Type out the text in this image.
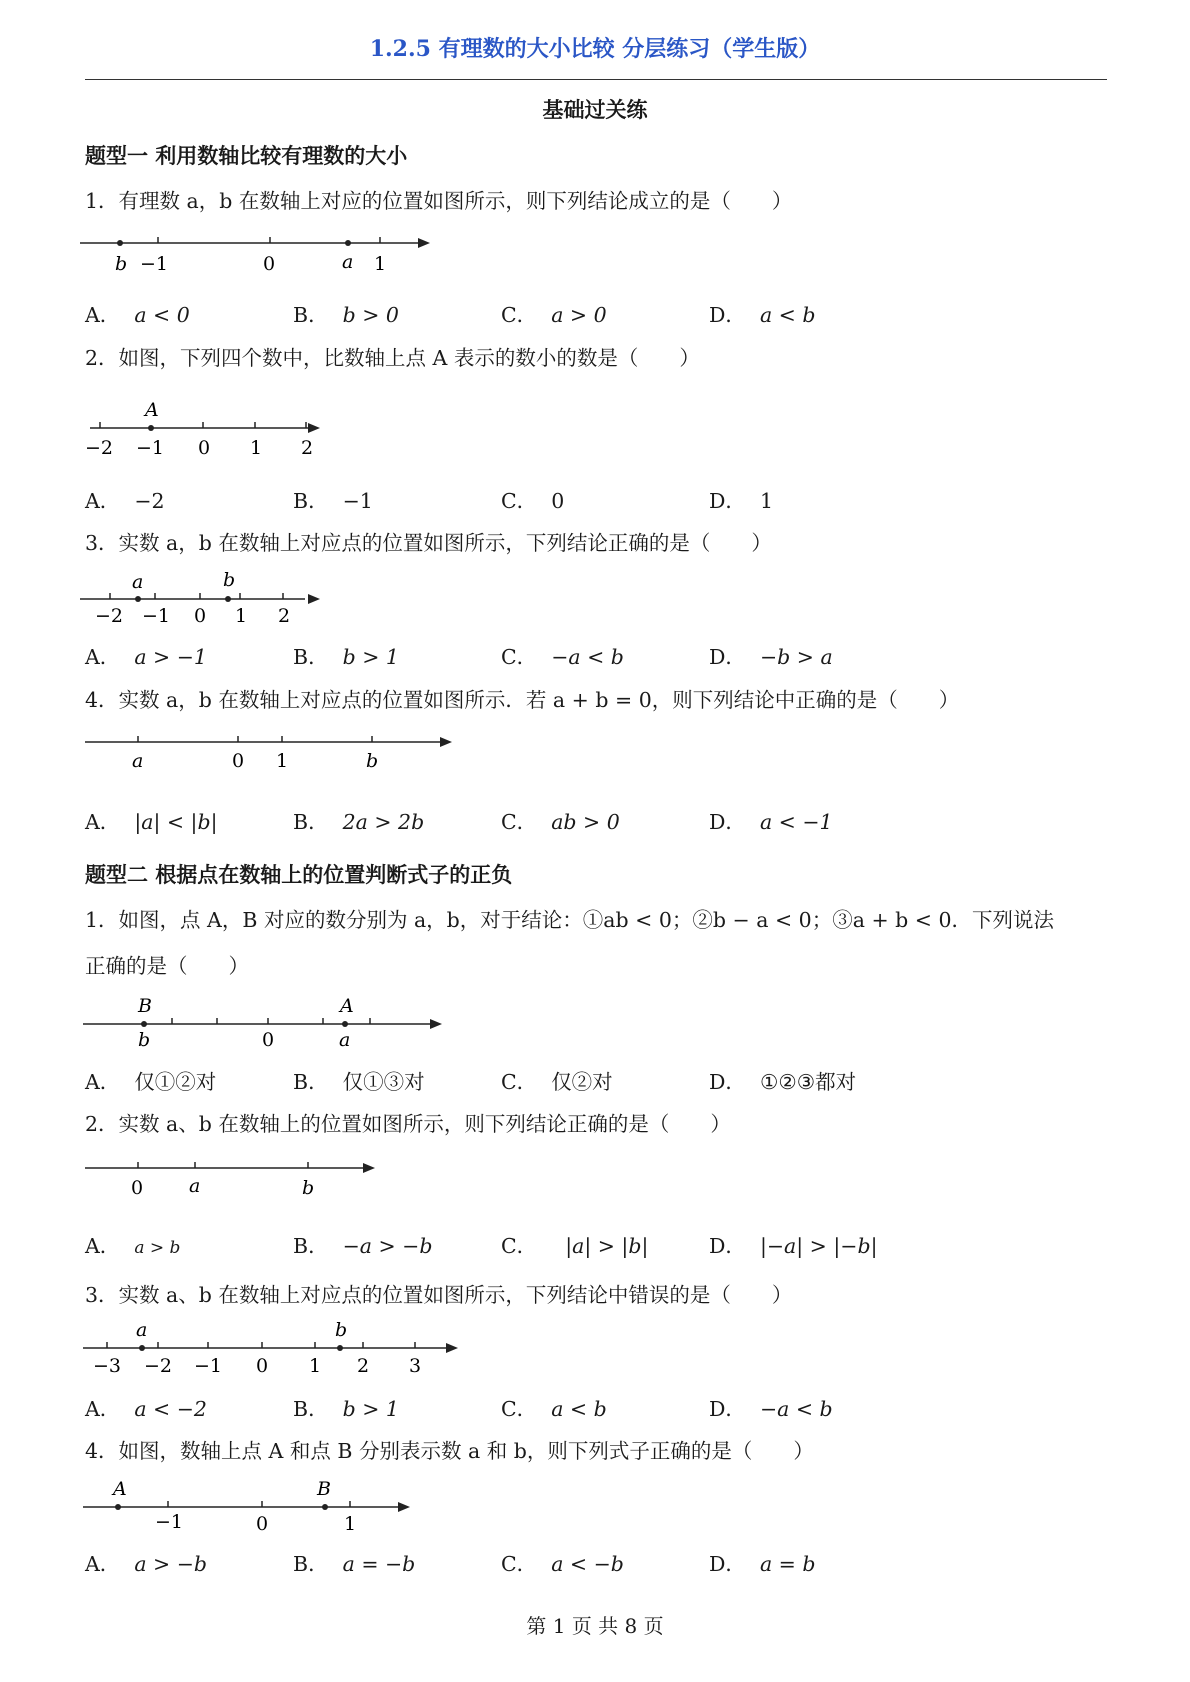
1.2.5 有理数的大小比较 分层练习（学生版）
基础过关练
题型一 利用数轴比较有理数的大小
1．有理数 a，b 在数轴上对应的位置如图所示，则下列结论成立的是（　　）
b −1	0	a 1
A． a < 0	B． b > 0	C． a > 0	D． a < b
2．如图，下列四个数中，比数轴上点 A 表示的数小的数是（　　）
A
−2 −1 0 1 2
A． −2	B． −1	C． 0	D． 1
3．实数 a，b 在数轴上对应点的位置如图所示，下列结论正确的是（　　）
a	b
−2 −1 0 1 2
A． a > −1	B． b > 1	C． −a < b	D． −b > a
4．实数 a，b 在数轴上对应点的位置如图所示．若 a + b = 0，则下列结论中正确的是（　　）
a	0 1	b
A． |a| < |b|	B． 2a > 2b	C． ab > 0	D． a < −1
题型二 根据点在数轴上的位置判断式子的正负
1．如图，点 A，B 对应的数分别为 a，b，对于结论：①ab < 0；②b − a < 0；③a + b < 0．下列说法
正确的是（　　）
B	A
b	0	a
A． 仅①②对	B． 仅①③对	C． 仅②对	D． ①②③都对
2．实数 a、b 在数轴上的位置如图所示，则下列结论正确的是（　　）
0 a	b
A． a > b	B． −a > −b	C． |a| > |b|	D． |−a| > |−b|
3．实数 a、b 在数轴上对应点的位置如图所示，下列结论中错误的是（　　）
a	b
−3 −2 −1 0 1 2 3
A． a < −2	B． b > 1	C． a < b	D． −a < b
4．如图，数轴上点 A 和点 B 分别表示数 a 和 b，则下列式子正确的是（　　）
A	B
−1	0	1
A． a > −b	B． a = −b	C． a < −b	D． a = b
第 1 页 共 8 页
